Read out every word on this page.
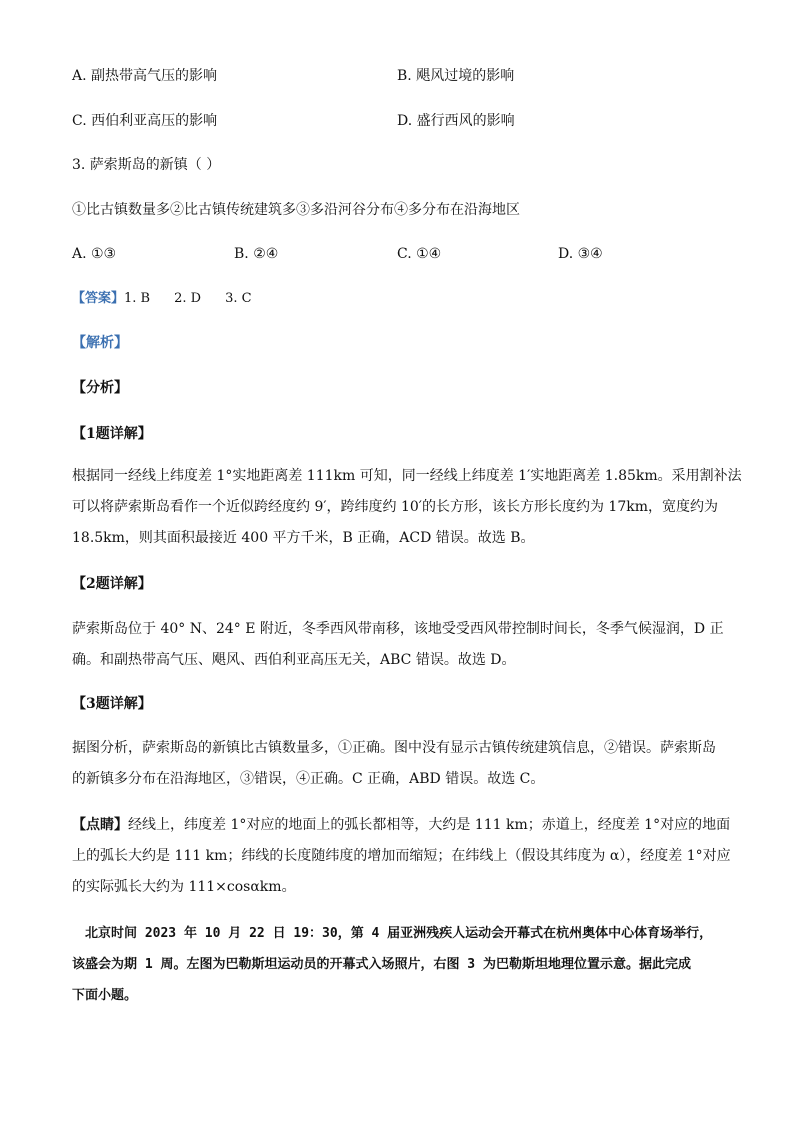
A. 副热带高气压的影响	B. 飓风过境的影响
C. 西伯利亚高压的影响	D. 盛行西风的影响
3. 萨索斯岛的新镇（ ）
①比古镇数量多②比古镇传统建筑多③多沿河谷分布④多分布在沿海地区
A. ①③	B. ②④	C. ①④	D. ③④
【答案】1. B 2. D 3. C
【解析】
【分析】
【1题详解】

根据同一经线上纬度差 1°实地距离差 111km 可知，同一经线上纬度差 1′实地距离差 1.85km。采用割补法

可以将萨索斯岛看作一个近似跨经度约 9′，跨纬度约 10′的长方形，该长方形长度约为 17km，宽度约为

18.5km，则其面积最接近 400 平方千米，B 正确，ACD 错误。故选 B。

【2题详解】

萨索斯岛位于 40° N、24° E 附近，冬季西风带南移，该地受受西风带控制时间长，冬季气候湿润，D 正

确。和副热带高气压、飓风、西伯利亚高压无关，ABC 错误。故选 D。

【3题详解】

据图分析，萨索斯岛的新镇比古镇数量多，①正确。图中没有显示古镇传统建筑信息，②错误。萨索斯岛

的新镇多分布在沿海地区，③错误，④正确。C 正确，ABD 错误。故选 C。

【点睛】经线上，纬度差 1°对应的地面上的弧长都相等，大约是 111 km；赤道上，经度差 1°对应的地面

上的弧长大约是 111 km；纬线的长度随纬度的增加而缩短；在纬线上（假设其纬度为 α），经度差 1°对应

的实际弧长大约为 111×cosαkm。

　北京时间 2023 年 10 月 22 日 19：30，第 4 届亚洲残疾人运动会开幕式在杭州奥体中心体育场举行，

该盛会为期 1 周。左图为巴勒斯坦运动员的开幕式入场照片，右图 3 为巴勒斯坦地理位置示意。据此完成

下面小题。
